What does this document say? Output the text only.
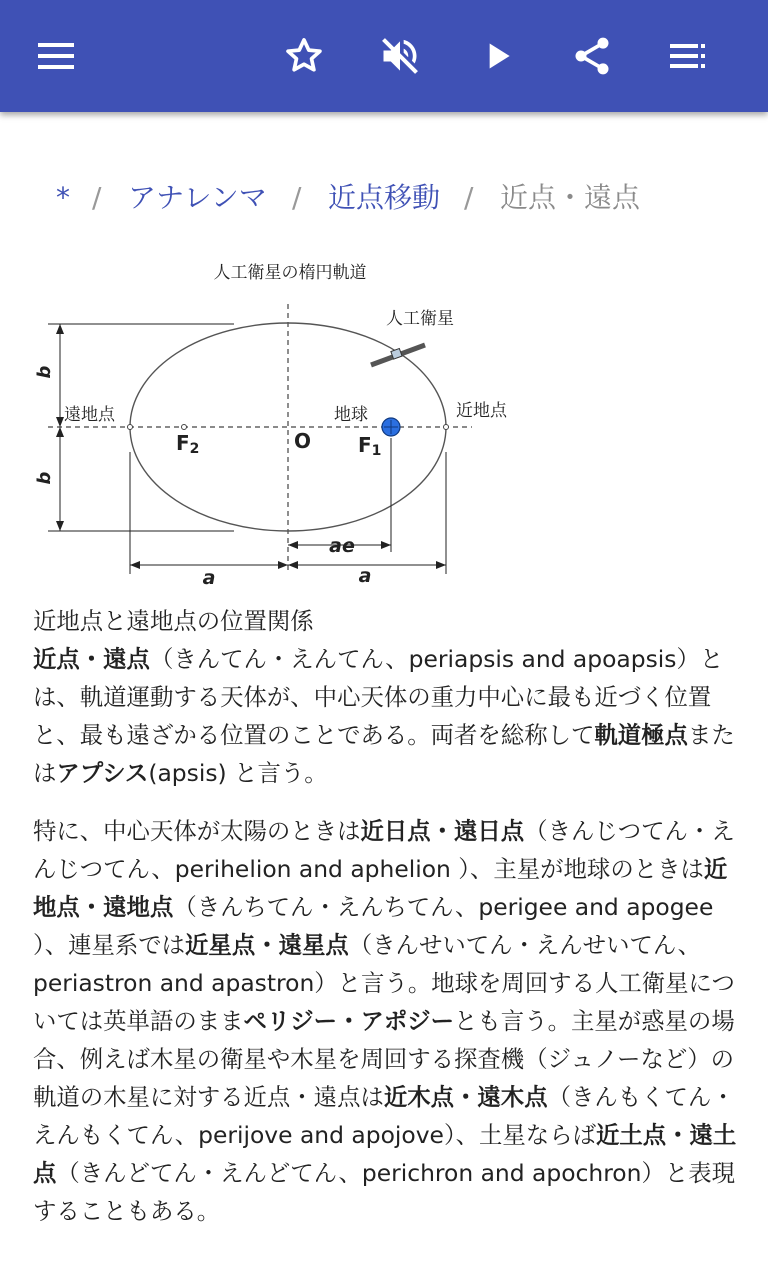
* / アナレンマ / 近点移動 / 近点・遠点
人工衛星の楕円軌道
b
b
人工衛星
遠地点	近地点
F2	O
地球
F1
ae
a	a

近地点と遠地点の位置関係

近点・遠点（きんてん・えんてん、periapsis and apoapsis）とは、軌道運動する天体が、中心天体の重力中心に最も近づく位置と、最も遠ざかる位置のことである。両者を総称して軌道極点またはアプシス(apsis) と言う。

特に、中心天体が太陽のときは近日点・遠日点（きんじつてん・えんじつてん、perihelion and aphelion ）、主星が地球のときは近地点・遠地点（きんちてん・えんちてん、perigee and apogee ）、連星系では近星点・遠星点（きんせいてん・えんせいてん、periastron and apastron）と言う。地球を周回する人工衛星については英単語のままペリジー・アポジーとも言う。主星が惑星の場合、例えば木星の衛星や木星を周回する探査機（ジュノーなど）の軌道の木星に対する近点・遠点は近木点・遠木点（きんもくてん・えんもくてん、perijove and apojove）、土星ならば近土点・遠土点（きんどてん・えんどてん、perichron and apochron）と表現することもある。
